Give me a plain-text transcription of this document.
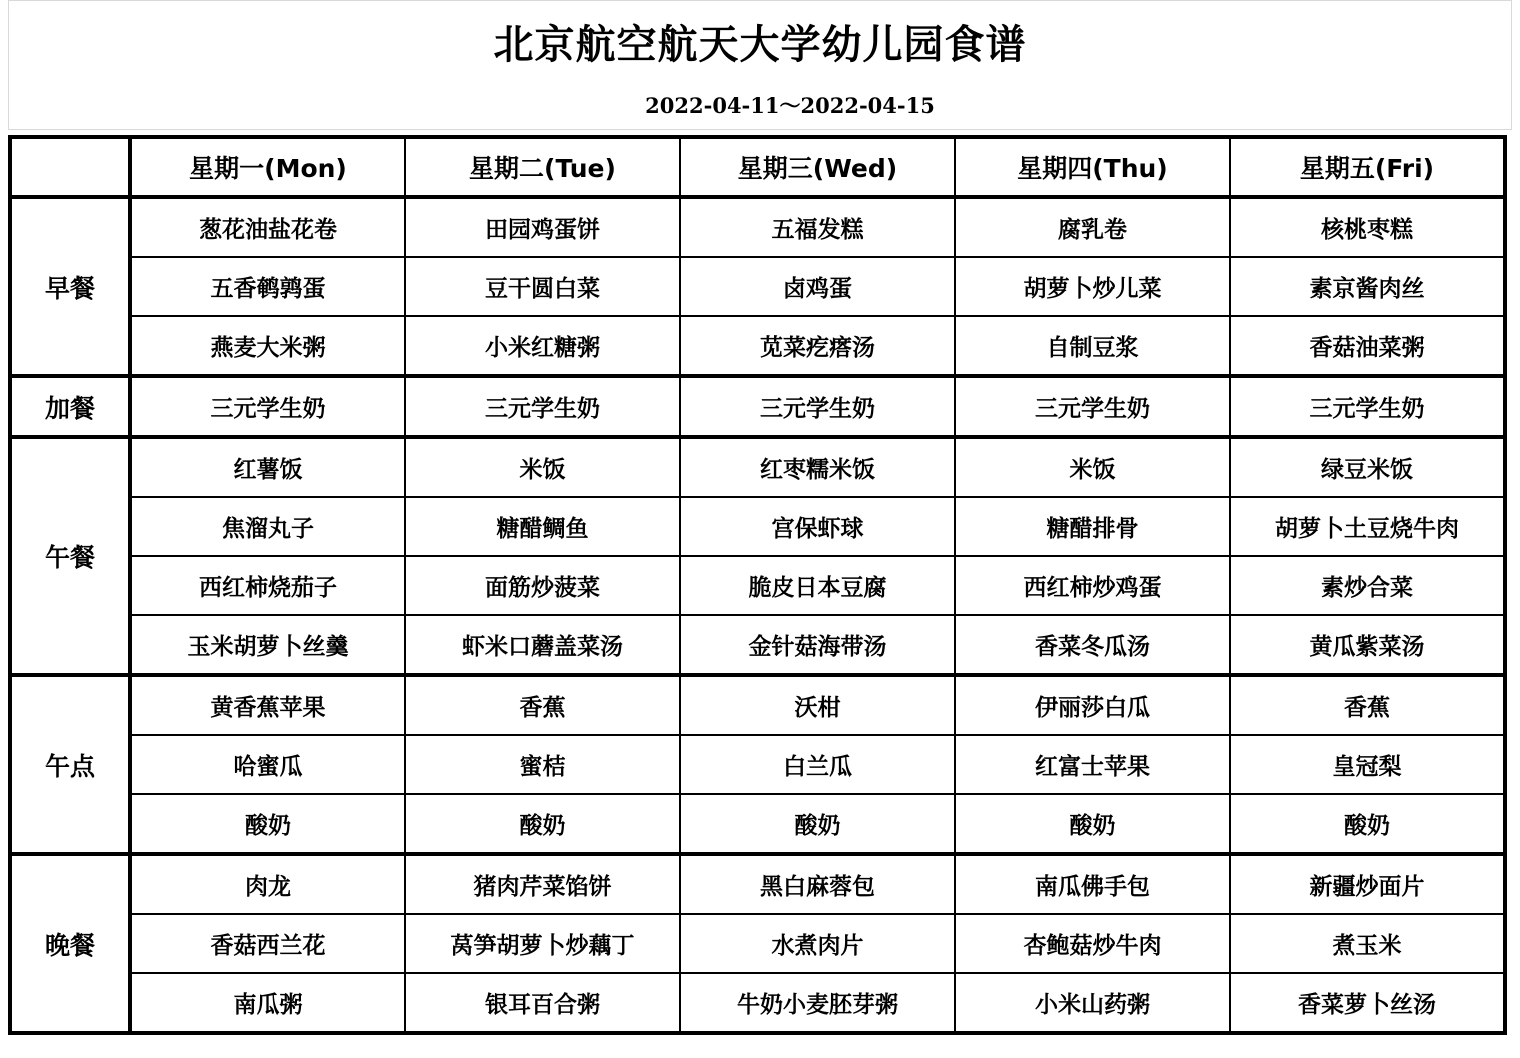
北京航空航天大学幼儿园食谱
2022-04-11～2022-04-15
	星期一(Mon)	星期二(Tue)	星期三(Wed)	星期四(Thu)	星期五(Fri)
早餐	葱花油盐花卷	田园鸡蛋饼	五福发糕	腐乳卷	核桃枣糕
	五香鹌鹑蛋	豆干圆白菜	卤鸡蛋	胡萝卜炒儿菜	素京酱肉丝
	燕麦大米粥	小米红糖粥	苋菜疙瘩汤	自制豆浆	香菇油菜粥
加餐	三元学生奶	三元学生奶	三元学生奶	三元学生奶	三元学生奶
午餐	红薯饭	米饭	红枣糯米饭	米饭	绿豆米饭
	焦溜丸子	糖醋鲷鱼	宫保虾球	糖醋排骨	胡萝卜土豆烧牛肉
	西红柿烧茄子	面筋炒菠菜	脆皮日本豆腐	西红柿炒鸡蛋	素炒合菜
	玉米胡萝卜丝羹	虾米口蘑盖菜汤	金针菇海带汤	香菜冬瓜汤	黄瓜紫菜汤
午点	黄香蕉苹果	香蕉	沃柑	伊丽莎白瓜	香蕉
	哈蜜瓜	蜜桔	白兰瓜	红富士苹果	皇冠梨
	酸奶	酸奶	酸奶	酸奶	酸奶
晚餐	肉龙	猪肉芹菜馅饼	黑白麻蓉包	南瓜佛手包	新疆炒面片
	香菇西兰花	莴笋胡萝卜炒藕丁	水煮肉片	杏鲍菇炒牛肉	煮玉米
	南瓜粥	银耳百合粥	牛奶小麦胚芽粥	小米山药粥	香菜萝卜丝汤
